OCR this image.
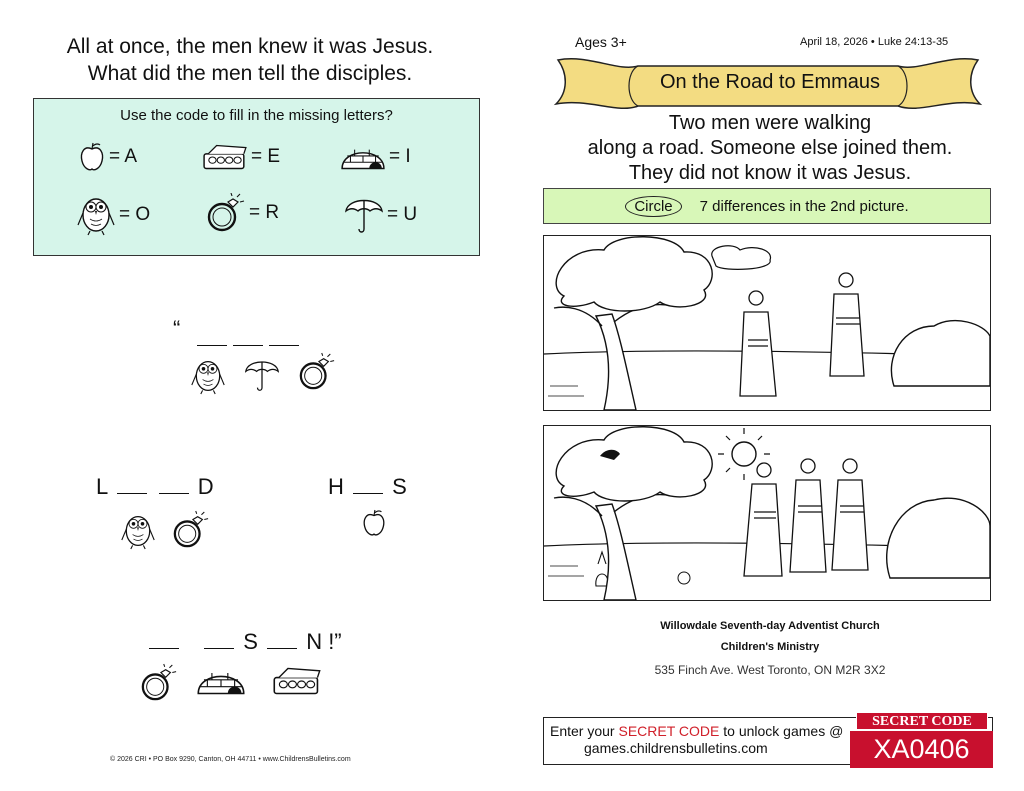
All at once, the men knew it was Jesus.
What did the men tell the disciples.
Use the code to fill in the missing letters?
= A	= E	= I
= O	= R	= U
“
L	D	H S
S N !”
© 2026 CRI • PO Box 9290, Canton, OH 44711 • www.ChildrensBulletins.com
Ages 3+	April 18, 2026 • Luke 24:13-35
On the Road to Emmaus
Two men were walking
along a road. Someone else joined them.
They did not know it was Jesus.
Circle	7 differences in the 2nd picture.
Willowdale Seventh-day Adventist Church
Children's Ministry
535 Finch Ave. West Toronto, ON M2R 3X2
Enter your SECRET CODE to unlock games @
games.childrensbulletins.com
SECRET CODE
XA0406
